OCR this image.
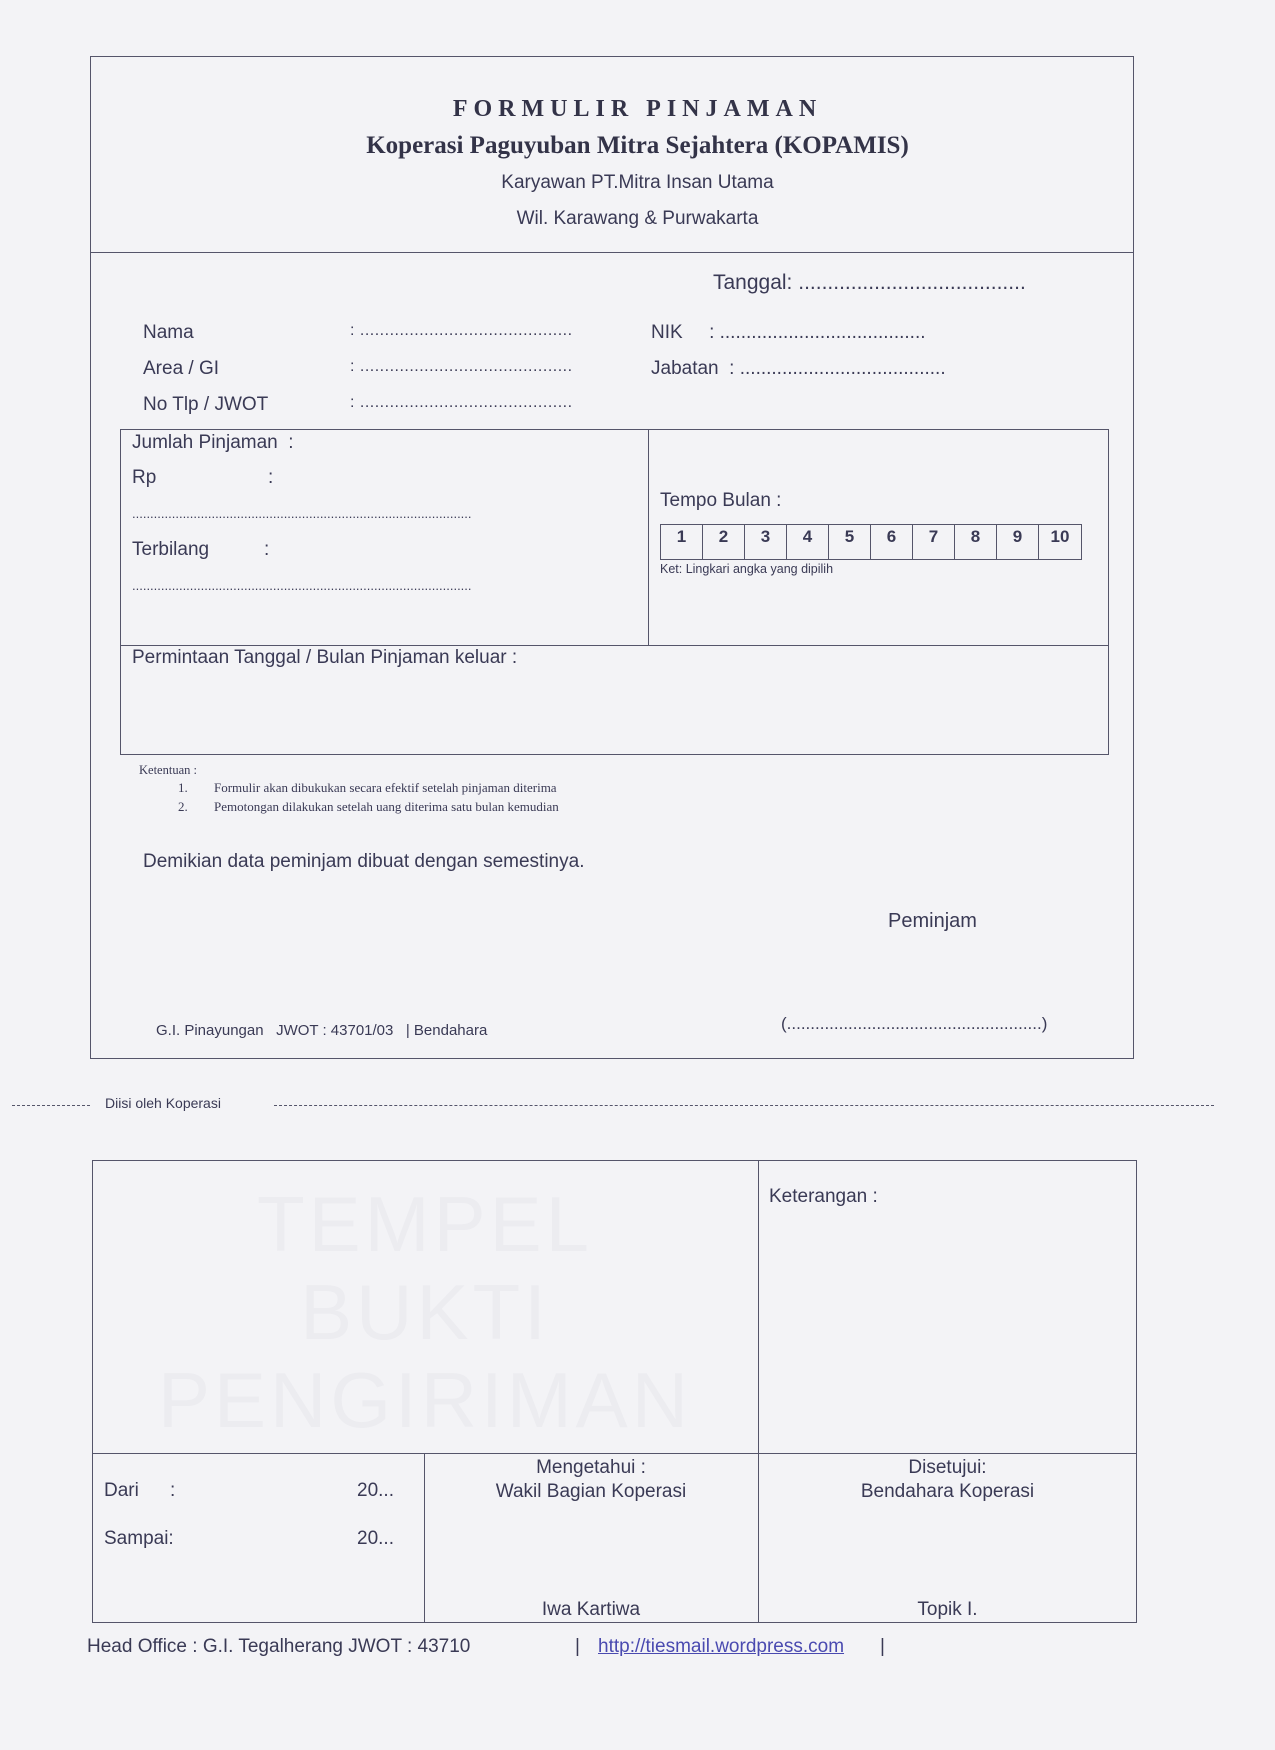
FORMULIR PINJAMAN
Koperasi Paguyuban Mitra Sejahtera (KOPAMIS)
Karyawan PT.Mitra Insan Utama
Wil. Karawang & Purwakarta
Tanggal: .......................................
Nama	: ...........................................
Area / GI	: ...........................................
No Tlp / JWOT	: ...........................................
NIK     : .......................................
Jabatan  : .......................................
Jumlah Pinjaman  :
Rp	:
..............................................................................................
Terbilang	:
..............................................................................................
Tempo Bulan :
1	2	3	4	5	6	7	8	9	10
Ket: Lingkari angka yang dipilih
Permintaan Tanggal / Bulan Pinjaman keluar :
Ketentuan :
1. Formulir akan dibukukan secara efektif setelah pinjaman diterima
2. Pemotongan dilakukan setelah uang diterima satu bulan kemudian
Demikian data peminjam dibuat dengan semestinya.
Peminjam
G.I. Pinayungan   JWOT : 43701/03   | Bendahara	(......................................................)
Diisi oleh Koperasi
TEMPEL
BUKTI
PENGIRIMAN
Keterangan :
Dari :	20...
Sampai:	20...
Mengetahui :
Wakil Bagian Koperasi
Iwa Kartiwa
Disetujui:
Bendahara Koperasi
Topik I.
Head Office : G.I. Tegalherang JWOT : 43710	| http://tiesmail.wordpress.com |
